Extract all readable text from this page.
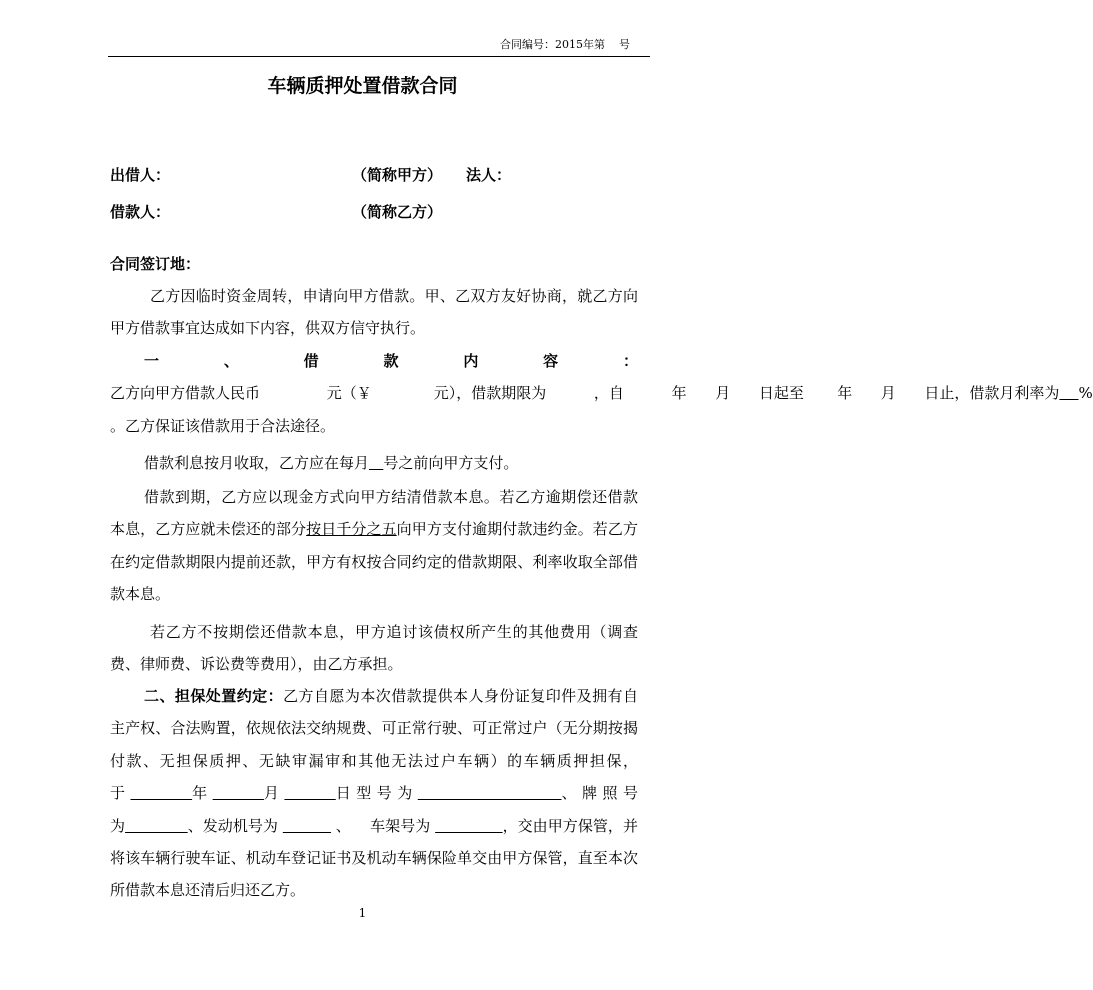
合同编号：2015年第    号
车辆质押处置借款合同
出借人：	（简称甲方） 法人：
借款人：	（简称乙方）
合同签订地：
乙方因临时资金周转，申请向甲方借款。甲、乙双方友好协商，就乙方向甲方借款事宜达成如下内容，供双方信守执行。
一、借款内容：乙方向甲方借款人民币              元（￥             元），借款期限为          ，自          年      月      日起至       年      月      日止，借款月利率为 % 。乙方保证该借款用于合法途径。
借款利息按月收取，乙方应在每月 号之前向甲方支付。
借款到期，乙方应以现金方式向甲方结清借款本息。若乙方逾期偿还借款本息，乙方应就未偿还的部分按日千分之五向甲方支付逾期付款违约金。若乙方在约定借款期限内提前还款，甲方有权按合同约定的借款期限、利率收取全部借款本息。
若乙方不按期偿还借款本息，甲方追讨该债权所产生的其他费用（调查费、律师费、诉讼费等费用），由乙方承担。
二、担保处置约定：乙方自愿为本次借款提供本人身份证复印件及拥有自主产权、合法购置，依规依法交纳规费、可正常行驶、可正常过户（无分期按揭付款、无担保质押、无缺审漏审和其他无法过户车辆）的车辆质押担保，于	年	月	日型号为	、牌照号为	、发动机号为	、    车架号为	，交由甲方保管，并将该车辆行驶车证、机动车登记证书及机动车辆保险单交由甲方保管，直至本次所借款本息还清后归还乙方。
1
